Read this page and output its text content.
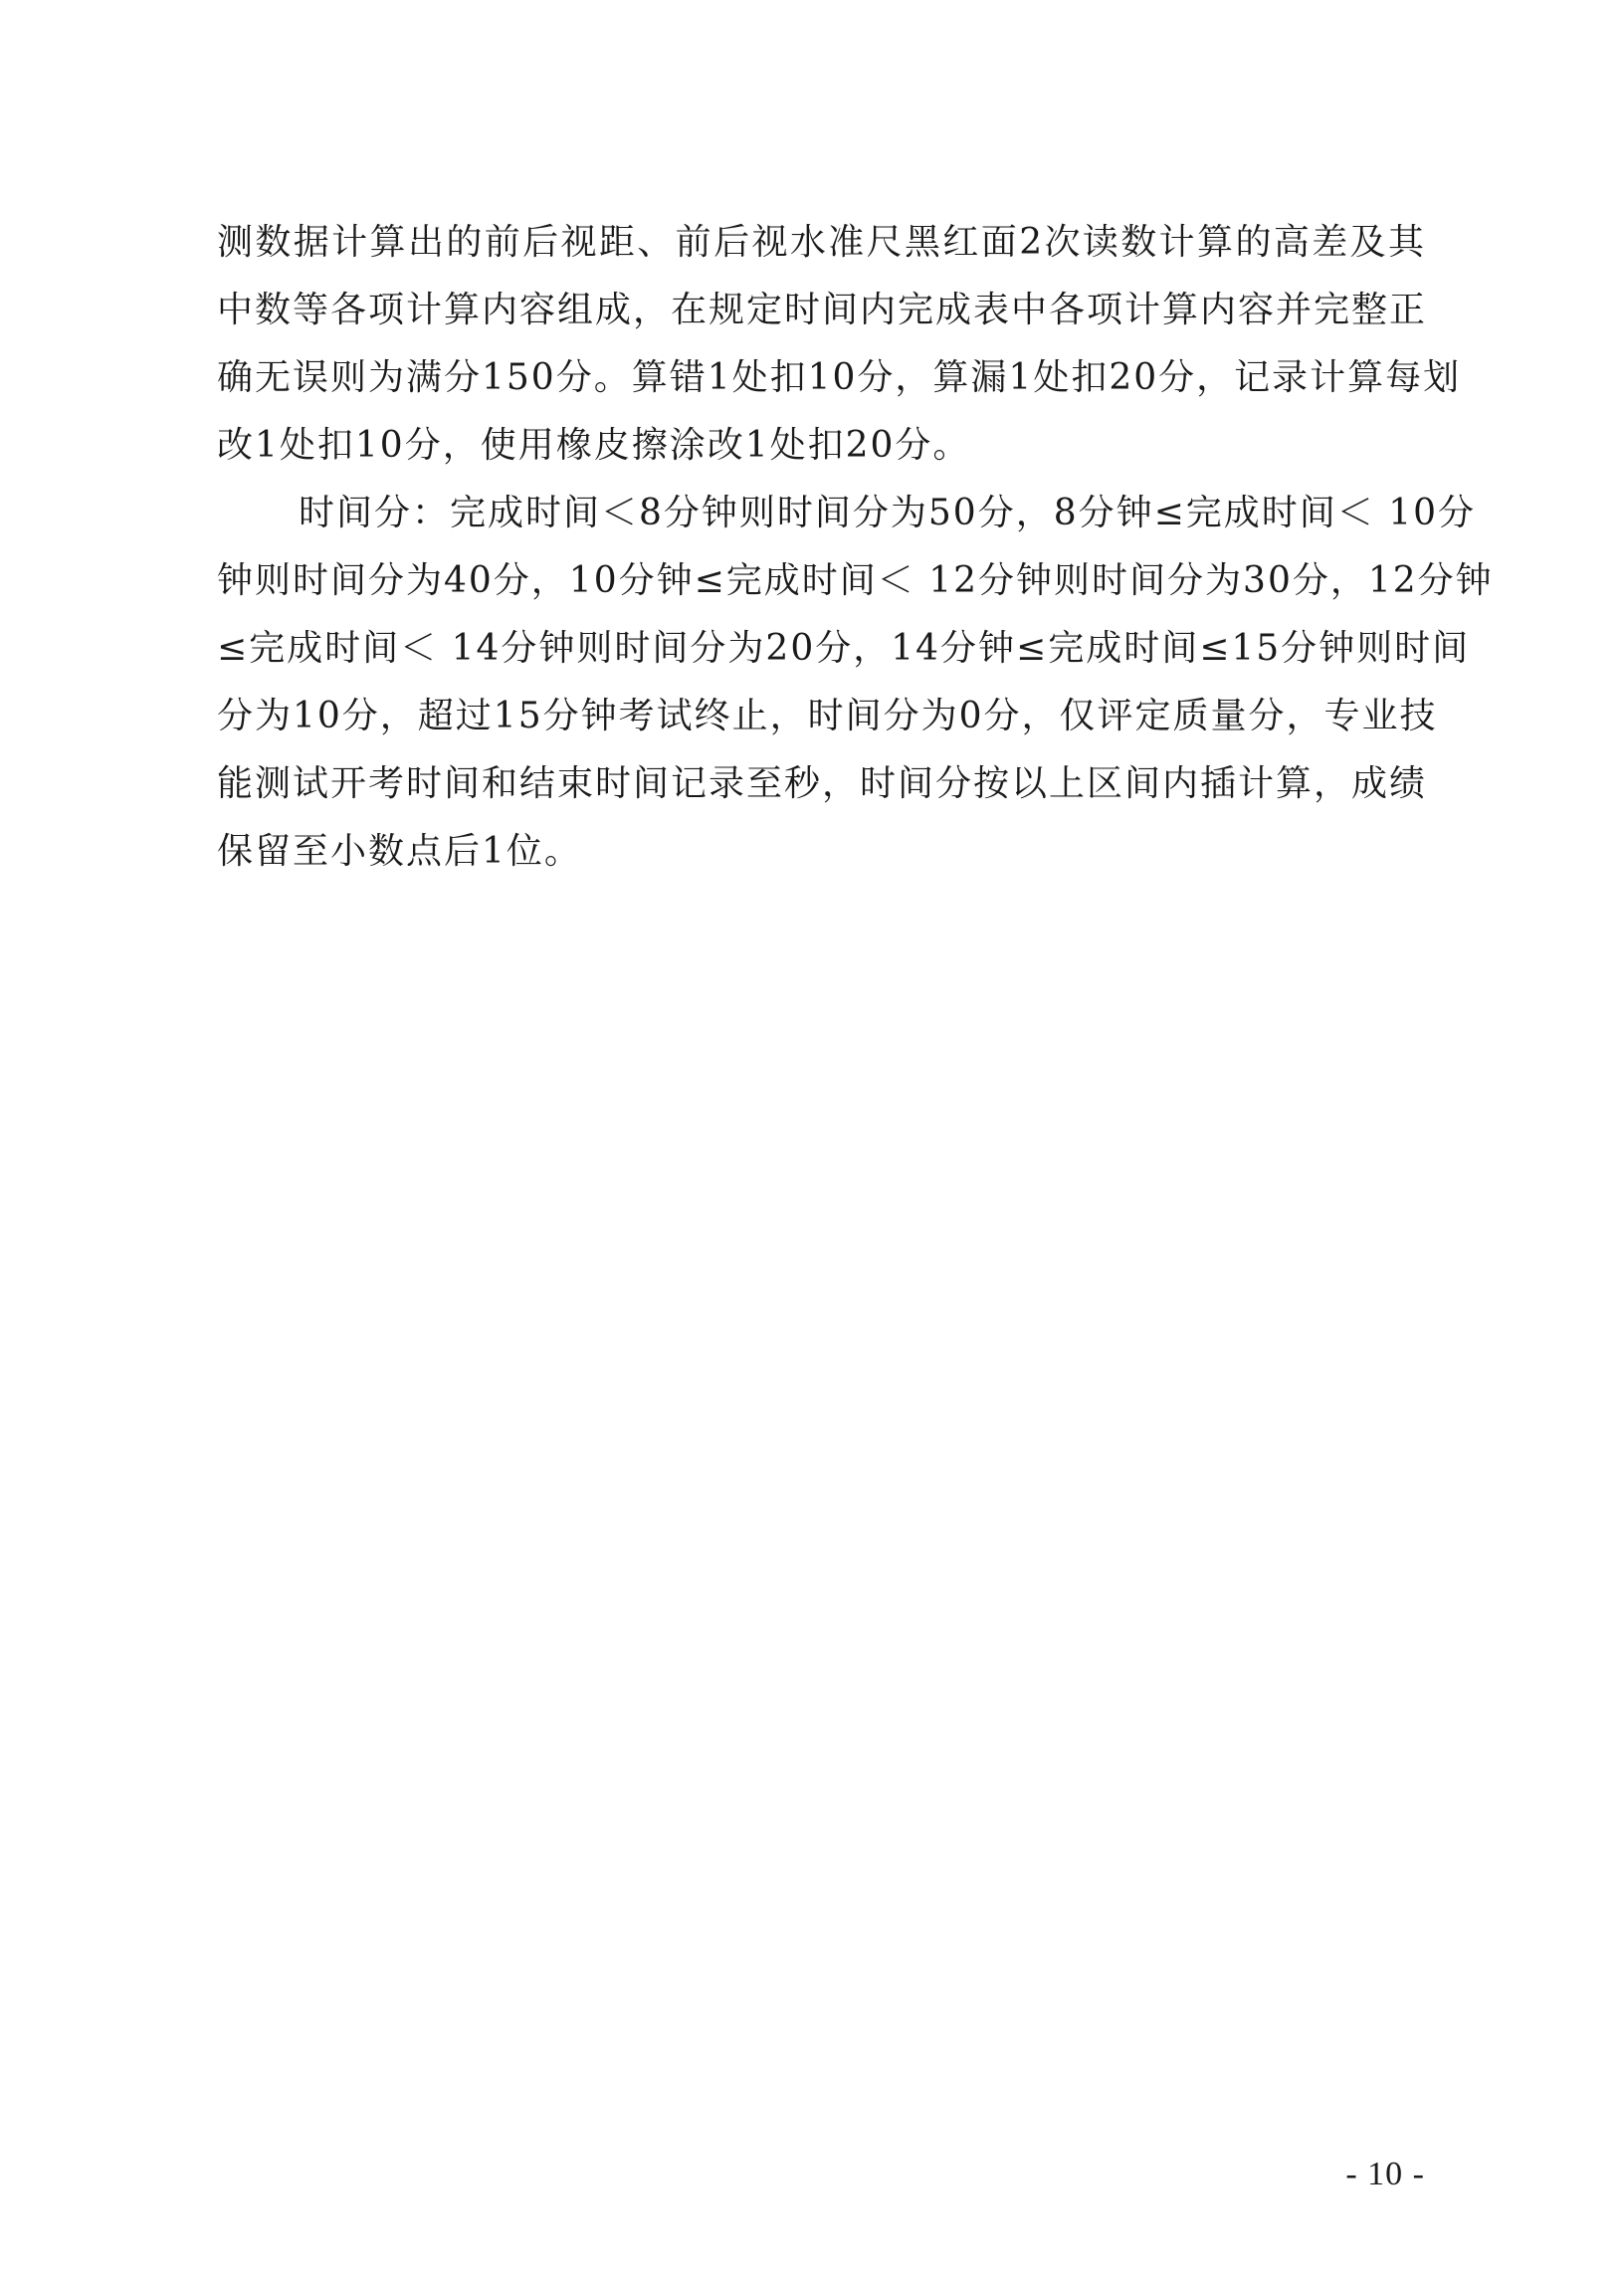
测数据计算出的前后视距、前后视水准尺黑红面2次读数计算的高差及其
中数等各项计算内容组成，在规定时间内完成表中各项计算内容并完整正
确无误则为满分150分。算错1处扣10分，算漏1处扣20分，记录计算每划
改1处扣10分，使用橡皮擦涂改1处扣20分。
时间分：完成时间＜8分钟则时间分为50分，8分钟≤完成时间＜ 10分
钟则时间分为40分，10分钟≤完成时间＜ 12分钟则时间分为30分，12分钟
≤完成时间＜ 14分钟则时间分为20分，14分钟≤完成时间≤15分钟则时间
分为10分，超过15分钟考试终止，时间分为0分，仅评定质量分，专业技
能测试开考时间和结束时间记录至秒，时间分按以上区间内插计算，成绩
保留至小数点后1位。
- 10 -
